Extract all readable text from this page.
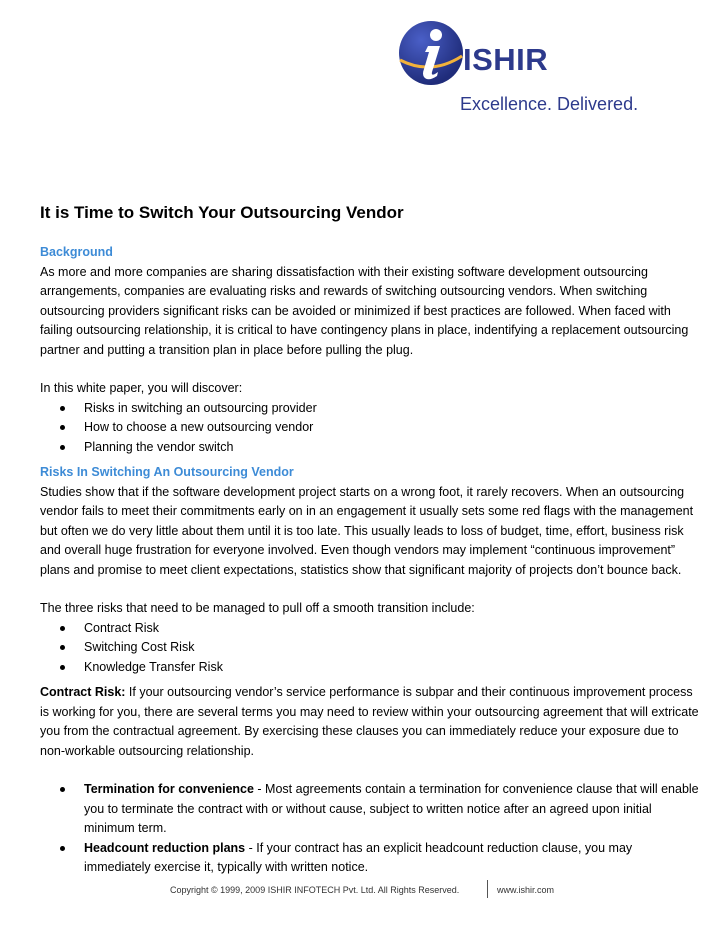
ISHIR
Excellence. Delivered.
It is Time to Switch Your Outsourcing Vendor

Background

As more and more companies are sharing dissatisfaction with their existing software development outsourcing arrangements, companies are evaluating risks and rewards of switching outsourcing vendors. When switching outsourcing providers significant risks can be avoided or minimized if best practices are followed. When faced with failing outsourcing relationship, it is critical to have contingency plans in place, indentifying a replacement outsourcing partner and putting a transition plan in place before pulling the plug.

In this white paper, you will discover:

Risks in switching an outsourcing provider
How to choose a new outsourcing vendor
Planning the vendor switch

Risks In Switching An Outsourcing Vendor

Studies show that if the software development project starts on a wrong foot, it rarely recovers. When an outsourcing vendor fails to meet their commitments early on in an engagement it usually sets some red flags with the management but often we do very little about them until it is too late. This usually leads to loss of budget, time, effort, business risk and overall huge frustration for everyone involved. Even though vendors may implement “continuous improvement” plans and promise to meet client expectations, statistics show that significant majority of projects don’t bounce back.

The three risks that need to be managed to pull off a smooth transition include:

Contract Risk
Switching Cost Risk
Knowledge Transfer Risk

Contract Risk: If your outsourcing vendor’s service performance is subpar and their continuous improvement process is working for you, there are several terms you may need to review within your outsourcing agreement that will extricate you from the contractual agreement. By exercising these clauses you can immediately reduce your exposure due to non-workable outsourcing relationship.

Termination for convenience - Most agreements contain a termination for convenience clause that will enable you to terminate the contract with or without cause, subject to written notice after an agreed upon initial minimum term.
Headcount reduction plans - If your contract has an explicit headcount reduction clause, you may immediately exercise it, typically with written notice.
Copyright © 1999, 2009 ISHIR INFOTECH Pvt. Ltd. All Rights Reserved.	www.ishir.com
